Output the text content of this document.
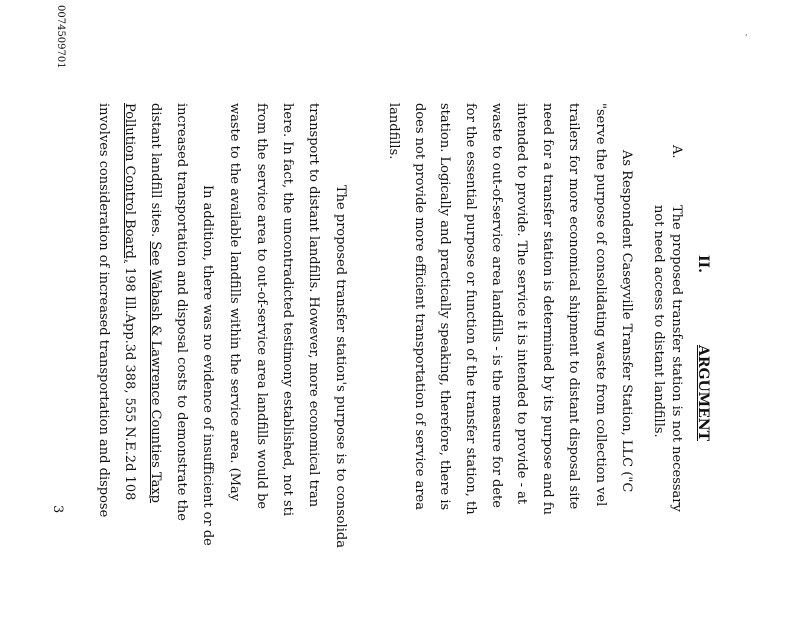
,
II.
ARGUMENT
A.
The proposed transfer station is not necessary
not need access to distant landfills.
As Respondent Caseyville Transfer Station, LLC ("C
"serve the purpose of consolidating waste from collection vel
trailers for more economical shipment to distant disposal site
need for a transfer station is determined by its purpose and fu
intended to provide. The service it is intended to provide - at
waste to out-of-service area landfills - is the measure for dete
for the essential purpose or function of the transfer station, th
station. Logically and practically speaking, therefore, there is
does not provide more efficient transportation of service area
landfills.
The proposed transfer station's purpose is to consolida
transport to distant landfills. However, more economical tran
here. In fact, the uncontradicted testimony established, not sti
from the service area to out-of-service area landfills would be
waste to the available landfills within the service area. (May
In addition, there was no evidence of insufficient or de
increased transportation and disposal costs to demonstrate the
distant landfill sites. See Wabash & Lawrence Counties Taxp
Pollution Control Board, 198 Ill.App.3d 388, 555 N.E.2d 108
involves consideration of increased transportation and dispose
0074509701
3
